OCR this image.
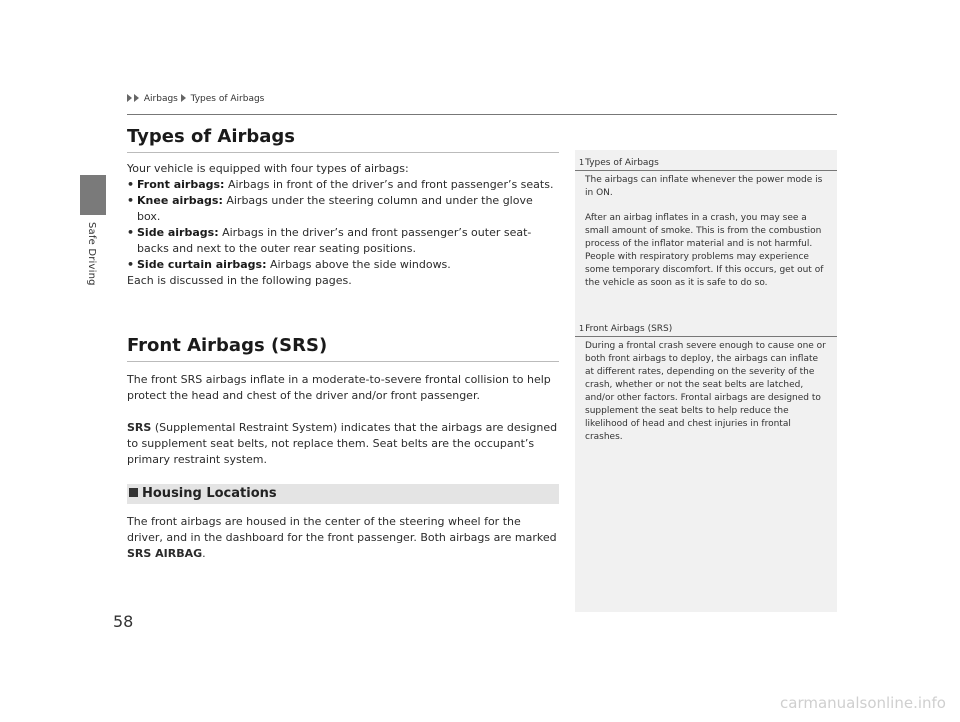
Safe Driving
Airbags Types of Airbags
Types of Airbags

Your vehicle is equipped with four types of airbags:

• Front airbags: Airbags in front of the driver’s and front passenger’s seats.
• Knee airbags: Airbags under the steering column and under the glove box.
• Side airbags: Airbags in the driver’s and front passenger’s outer seat-backs and next to the outer rear seating positions.
• Side curtain airbags: Airbags above the side windows.

Each is discussed in the following pages.

Front Airbags (SRS)

The front SRS airbags inflate in a moderate-to-severe frontal collision to help protect the head and chest of the driver and/or front passenger.

SRS (Supplemental Restraint System) indicates that the airbags are designed to supplement seat belts, not replace them. Seat belts are the occupant’s primary restraint system.

Housing Locations

The front airbags are housed in the center of the steering wheel for the driver, and in the dashboard for the front passenger. Both airbags are marked SRS AIRBAG.

1Types of Airbags

The airbags can inflate whenever the power mode is in ON.

After an airbag inflates in a crash, you may see a small amount of smoke. This is from the combustion process of the inflator material and is not harmful. People with respiratory problems may experience some temporary discomfort. If this occurs, get out of the vehicle as soon as it is safe to do so.

1Front Airbags (SRS)

During a frontal crash severe enough to cause one or both front airbags to deploy, the airbags can inflate at different rates, depending on the severity of the crash, whether or not the seat belts are latched, and/or other factors. Frontal airbags are designed to supplement the seat belts to help reduce the likelihood of head and chest injuries in frontal crashes.

58
carmanualsonline.info
